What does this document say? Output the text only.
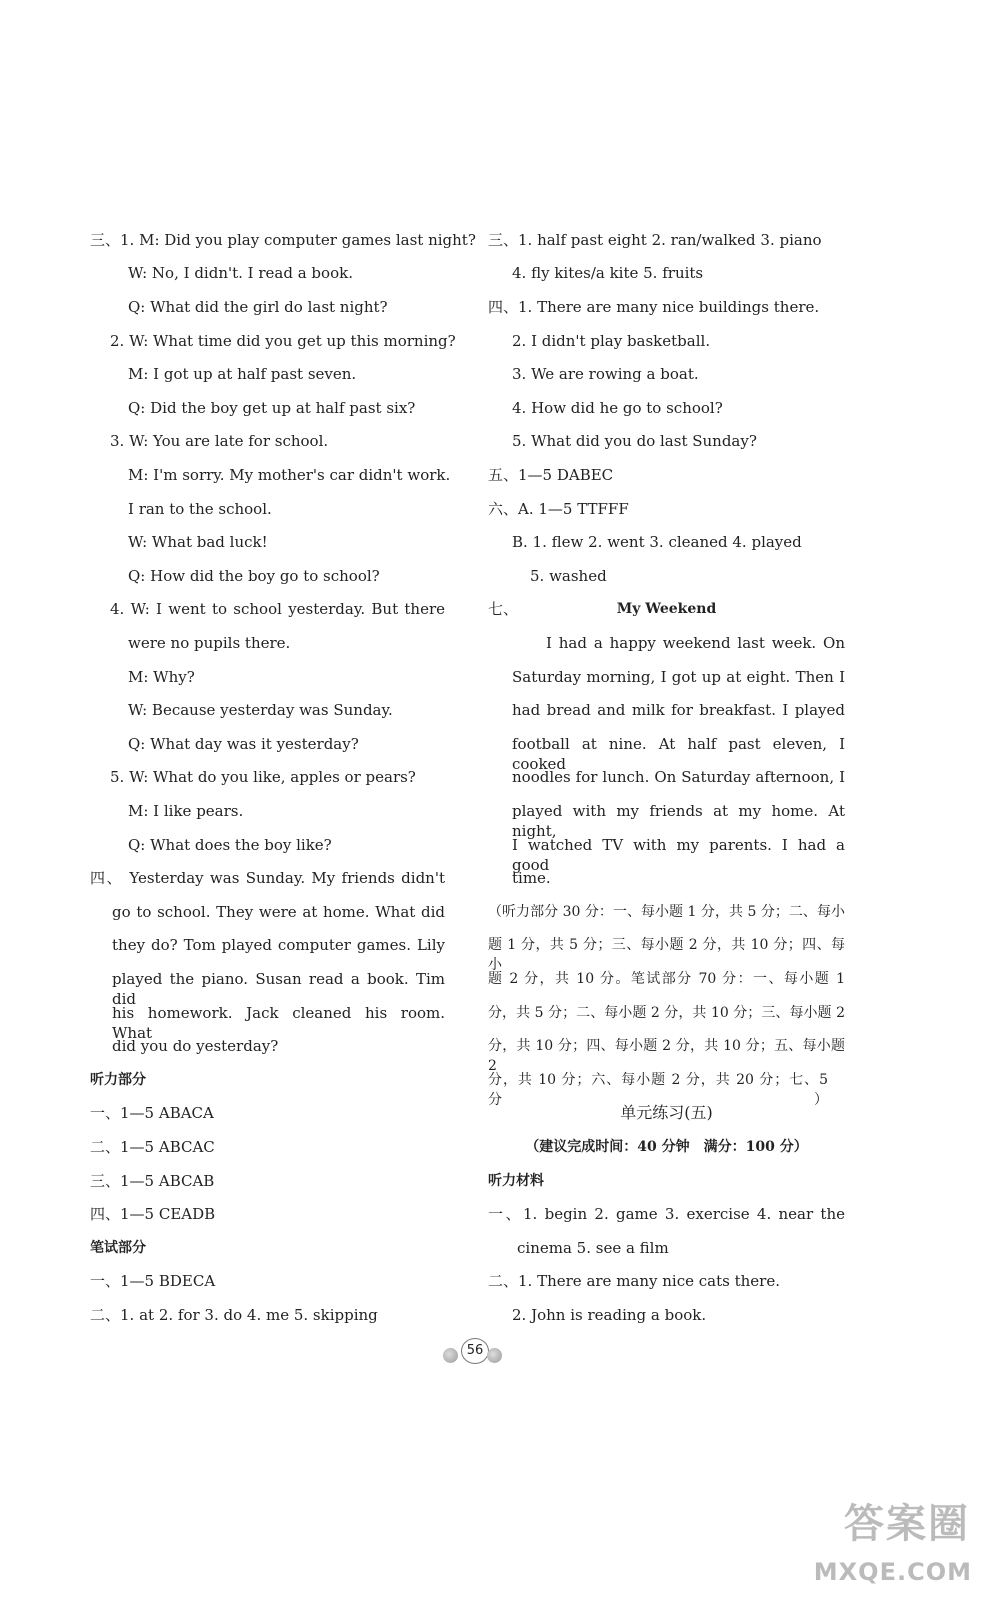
三、1. M: Did you play computer games last night?
W: No, I didn't. I read a book.
Q: What did the girl do last night?
2. W: What time did you get up this morning?
M: I got up at half past seven.
Q: Did the boy get up at half past six?
3. W: You are late for school.
M: I'm sorry. My mother's car didn't work.
I ran to the school.
W: What bad luck!
Q: How did the boy go to school?
4. W: I went to school yesterday. But there
were no pupils there.
M: Why?
W: Because yesterday was Sunday.
Q: What day was it yesterday?
5. W: What do you like, apples or pears?
M: I like pears.
Q: What does the boy like?
四、 Yesterday was Sunday. My friends didn't
go to school. They were at home. What did
they do? Tom played computer games. Lily
played the piano. Susan read a book. Tim did
his homework. Jack cleaned his room. What
did you do yesterday?
听力部分
一、1—5 ABACA
二、1—5 ABCAC
三、1—5 ABCAB
四、1—5 CEADB
笔试部分
一、1—5 BDECA
二、1. at 2. for 3. do 4. me 5. skipping
三、1. half past eight 2. ran/walked 3. piano
4. fly kites/a kite 5. fruits
四、1. There are many nice buildings there.
2. I didn't play basketball.
3. We are rowing a boat.
4. How did he go to school?
5. What did you do last Sunday?
五、1—5 DABEC
六、A. 1—5 TTFFF
B. 1. flew 2. went 3. cleaned 4. played
5. washed
七、	My Weekend
I had a happy weekend last week. On
Saturday morning, I got up at eight. Then I
had bread and milk for breakfast. I played
football at nine. At half past eleven, I cooked
noodles for lunch. On Saturday afternoon, I
played with my friends at my home. At night,
I watched TV with my parents. I had a good
time.
（听力部分 30 分：一、每小题 1 分，共 5 分；二、每小
题 1 分，共 5 分；三、每小题 2 分，共 10 分；四、每小
题 2 分，共 10 分。笔试部分 70 分：一、每小题 1
分，共 5 分；二、每小题 2 分，共 10 分；三、每小题 2
分，共 10 分；四、每小题 2 分，共 10 分；五、每小题 2
分，共 10 分；六、每小题 2 分，共 20 分；七、5 分）
单元练习(五)
（建议完成时间：40 分钟　满分：100 分）
听力材料
一、1. begin 2. game 3. exercise 4. near the
cinema 5. see a film
二、1. There are many nice cats there.
2. John is reading a book.
56
答案圈
MXQE.COM
